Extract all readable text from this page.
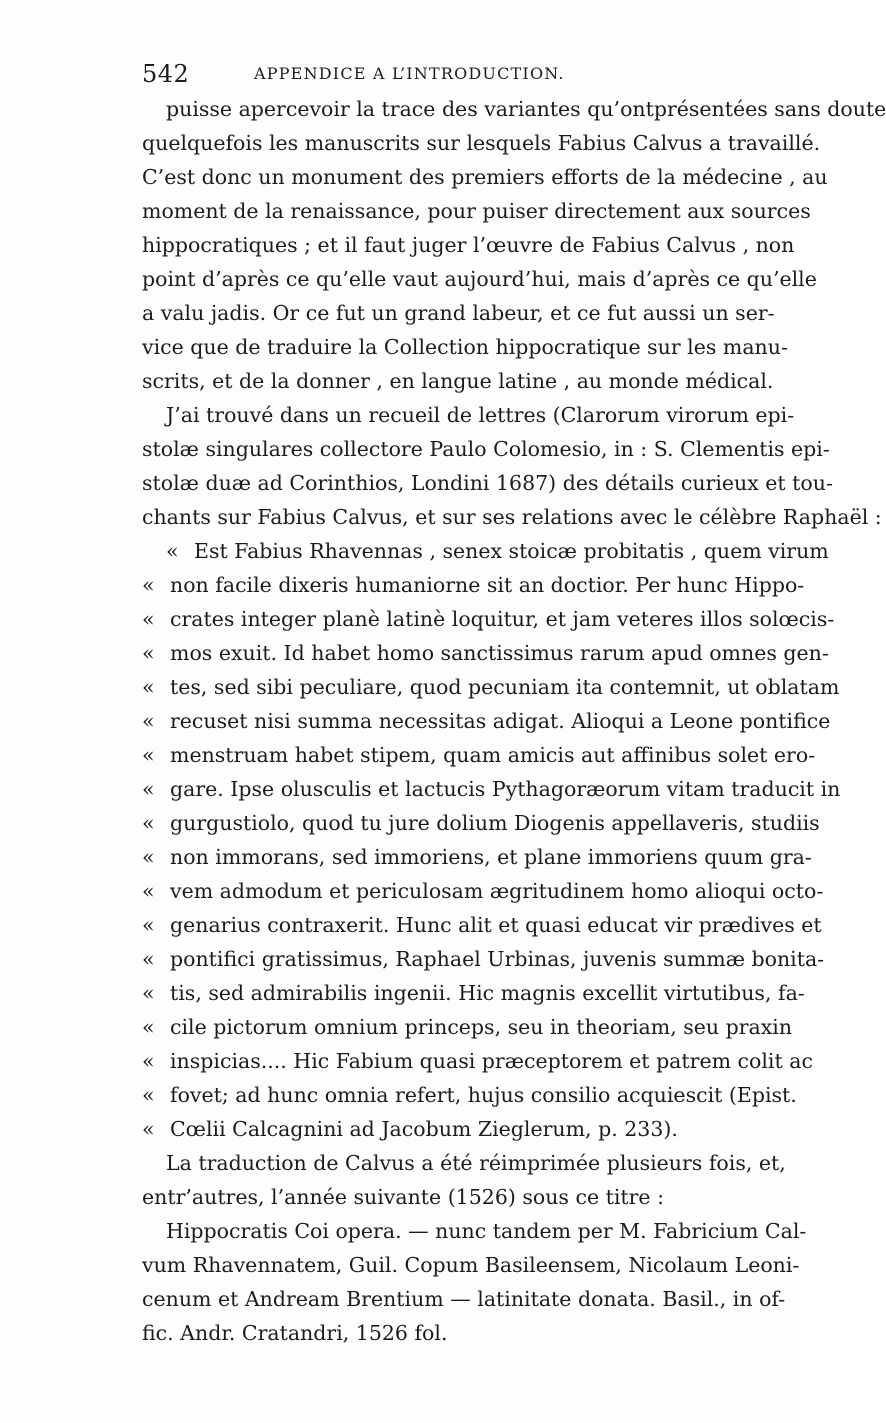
542	APPENDICE A L’INTRODUCTION.
puisse apercevoir la trace des variantes qu’ontprésentées sans doute
quelquefois les manuscrits sur lesquels Fabius Calvus a travaillé.
C’est donc un monument des premiers efforts de la médecine , au
moment de la renaissance, pour puiser directement aux sources
hippocratiques ; et il faut juger l’œuvre de Fabius Calvus , non
point d’après ce qu’elle vaut aujourd’hui, mais d’après ce qu’elle
a valu jadis. Or ce fut un grand labeur, et ce fut aussi un ser-
vice que de traduire la Collection hippocratique sur les manu-
scrits, et de la donner , en langue latine , au monde médical.
J’ai trouvé dans un recueil de lettres (Clarorum virorum epi-
stolæ singulares collectore Paulo Colomesio, in : S. Clementis epi-
stolæ duæ ad Corinthios, Londini 1687) des détails curieux et tou-
chants sur Fabius Calvus, et sur ses relations avec le célèbre Raphaël :
« Est Fabius Rhavennas , senex stoicæ probitatis , quem virum
« non facile dixeris humaniorne sit an doctior. Per hunc Hippo-
« crates integer planè latinè loquitur, et jam veteres illos solœcis-
« mos exuit. Id habet homo sanctissimus rarum apud omnes gen-
« tes, sed sibi peculiare, quod pecuniam ita contemnit, ut oblatam
« recuset nisi summa necessitas adigat. Alioqui a Leone pontifice
« menstruam habet stipem, quam amicis aut affinibus solet ero-
« gare. Ipse olusculis et lactucis Pythagoræorum vitam traducit in
« gurgustiolo, quod tu jure dolium Diogenis appellaveris, studiis
« non immorans, sed immoriens, et plane immoriens quum gra-
« vem admodum et periculosam ægritudinem homo alioqui octo-
« genarius contraxerit. Hunc alit et quasi educat vir prædives et
« pontifici gratissimus, Raphael Urbinas, juvenis summæ bonita-
« tis, sed admirabilis ingenii. Hic magnis excellit virtutibus, fa-
« cile pictorum omnium princeps, seu in theoriam, seu praxin
« inspicias.... Hic Fabium quasi præceptorem et patrem colit ac
« fovet; ad hunc omnia refert, hujus consilio acquiescit (Epist.
« Cœlii Calcagnini ad Jacobum Zieglerum, p. 233).
La traduction de Calvus a été réimprimée plusieurs fois, et,
entr’autres, l’année suivante (1526) sous ce titre :
Hippocratis Coi opera. — nunc tandem per M. Fabricium Cal-
vum Rhavennatem, Guil. Copum Basileensem, Nicolaum Leoni-
cenum et Andream Brentium — latinitate donata. Basil., in of-
fic. Andr. Cratandri, 1526 fol.
